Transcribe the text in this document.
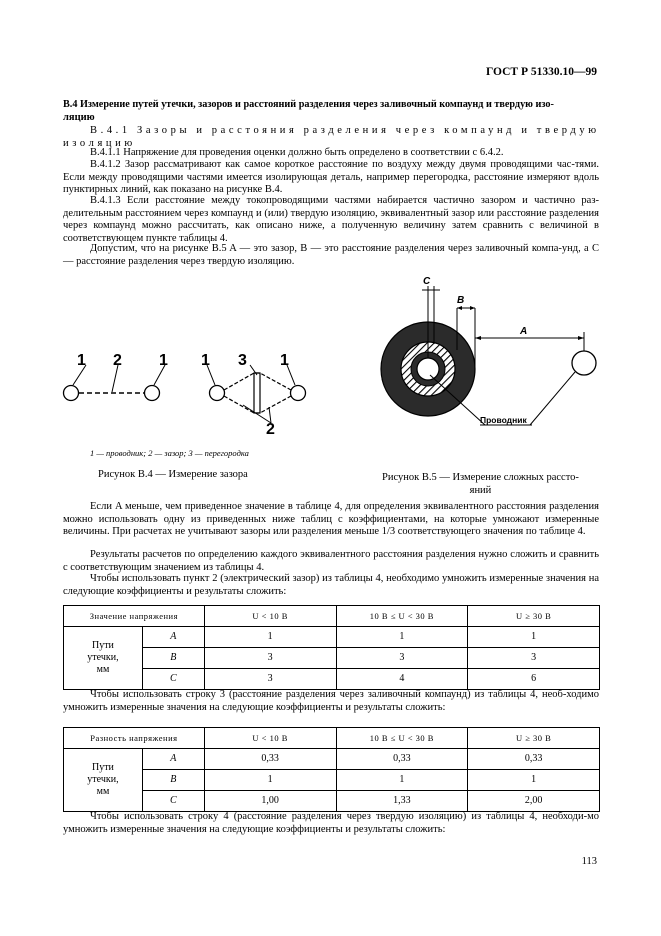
ГОСТ Р 51330.10—99
B.4 Измерение путей утечки, зазоров и расстояний разделения через заливочный компаунд и твердую изо-
ляцию
B.4.1 Зазоры и расстояния разделения через компаунд и твердую
изоляцию
B.4.1.1 Напряжение для проведения оценки должно быть определено в соответствии с 6.4.2.
B.4.1.2 Зазор рассматривают как самое короткое расстояние по воздуху между двумя проводящими час-тями. Если между проводящими частями имеется изолирующая деталь, например перегородка, расстояние измеряют вдоль пунктирных линий, как показано на рисунке B.4.
B.4.1.3 Если расстояние между токопроводящими частями набирается частично зазором и частично раз-делительным расстоянием через компаунд и (или) твердую изоляцию, эквивалентный зазор или расстояние разделения через компаунд можно рассчитать, как описано ниже, а полученную величину затем сравнить с величиной в соответствующем пункте таблицы 4.
Допустим, что на рисунке B.5 A — это зазор, B — это расстояние разделения через заливочный компа-унд, а C — расстояние разделения через твердую изоляцию.
1 2 1 1 3 1
2
1 — проводник; 2 — зазор; 3 — перегородка
Рисунок B.4 — Измерение зазора
C
B
A
Проводник
Рисунок B.5 — Измерение сложных рассто-
яний
Если A меньше, чем приведенное значение в таблице 4, для определения эквивалентного расстояния разделения можно использовать одну из приведенных ниже таблиц с коэффициентами, на которые умножают измеренные величины. При расчетах не учитывают зазоры или разделения меньше 1/3 соответствующего значения по таблице 4.
Результаты расчетов по определению каждого эквивалентного расстояния разделения нужно сложить и сравнить с соответствующим значением из таблицы 4.
Чтобы использовать пункт 2 (электрический зазор) из таблицы 4, необходимо умножить измеренные значения на следующие коэффициенты и результаты сложить:
Значение напряжения		U < 10 В	10 В ≤ U < 30 В	U ≥ 30 В

Пути
утечки,
мм	A	1	1	1
	B	3	3	3
	C	3	4	6
Чтобы использовать строку 3 (расстояние разделения через заливочный компаунд) из таблицы 4, необ-ходимо умножить измеренные значения на следующие коэффициенты и результаты сложить:
Разность напряжения		U < 10 В	10 В ≤ U < 30 В	U ≥ 30 В

Пути
утечки,
мм	A	0,33	0,33	0,33
	B	1	1	1
	C	1,00	1,33	2,00
Чтобы использовать строку 4 (расстояние разделения через твердую изоляцию) из таблицы 4, необходи-мо умножить измеренные значения на следующие коэффициенты и результаты сложить:
113
